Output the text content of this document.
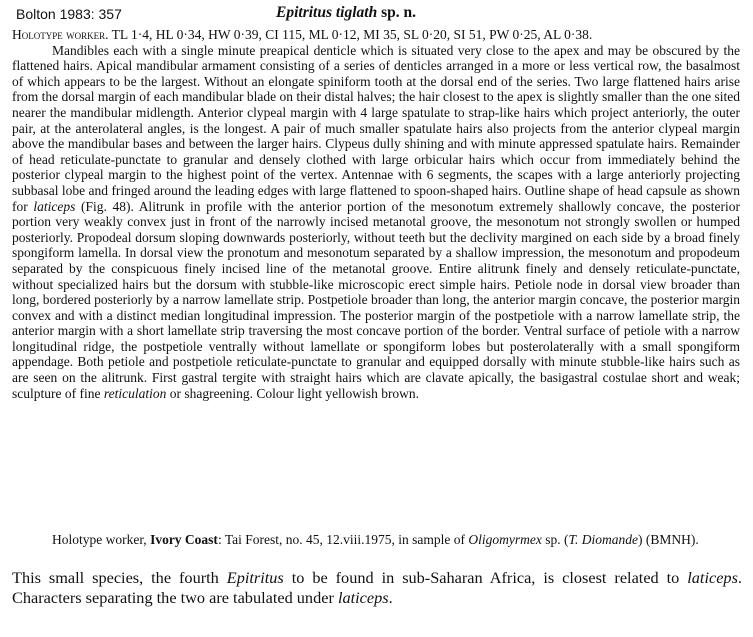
Bolton 1983: 357	Epitritus tiglath sp. n.

Holotype worker. TL 1·4, HL 0·34, HW 0·39, CI 115, ML 0·12, MI 35, SL 0·20, SI 51, PW 0·25, AL 0·38.
Mandibles each with a single minute preapical denticle which is situated very close to the apex and may be obscured by the flattened hairs. Apical mandibular armament consisting of a series of denticles arranged in a more or less vertical row, the basalmost of which appears to be the largest. Without an elongate spiniform tooth at the dorsal end of the series. Two large flattened hairs arise from the dorsal margin of each mandibular blade on their distal halves; the hair closest to the apex is slightly smaller than the one sited nearer the mandibular midlength. Anterior clypeal margin with 4 large spatulate to strap-like hairs which project anteriorly, the outer pair, at the anterolateral angles, is the longest. A pair of much smaller spatulate hairs also projects from the anterior clypeal margin above the mandibular bases and between the larger hairs. Clypeus dully shining and with minute appressed spatulate hairs. Remainder of head reticulate-punctate to granular and densely clothed with large orbicular hairs which occur from immediately behind the posterior clypeal margin to the highest point of the vertex. Antennae with 6 segments, the scapes with a large anteriorly projecting subbasal lobe and fringed around the leading edges with large flattened to spoon-shaped hairs. Outline shape of head capsule as shown for laticeps (Fig. 48). Alitrunk in profile with the anterior portion of the mesonotum extremely shallowly concave, the posterior portion very weakly convex just in front of the narrowly incised metanotal groove, the mesonotum not strongly swollen or humped posteriorly. Propodeal dorsum sloping downwards posteriorly, without teeth but the declivity margined on each side by a broad finely spongiform lamella. In dorsal view the pronotum and mesonotum separated by a shallow impression, the mesonotum and propodeum separated by the conspicuous finely incised line of the metanotal groove. Entire alitrunk finely and densely reticulate-punctate, without specialized hairs but the dorsum with stubble-like microscopic erect simple hairs. Petiole node in dorsal view broader than long, bordered posteriorly by a narrow lamellate strip. Postpetiole broader than long, the anterior margin concave, the posterior margin convex and with a distinct median longitudinal impression. The posterior margin of the postpetiole with a narrow lamellate strip, the anterior margin with a short lamellate strip traversing the most concave portion of the border. Ventral surface of petiole with a narrow longitudinal ridge, the postpetiole ventrally without lamellate or spongiform lobes but posterolaterally with a small spongiform appendage. Both petiole and postpetiole reticulate-punctate to granular and equipped dorsally with minute stubble-like hairs such as are seen on the alitrunk. First gastral tergite with straight hairs which are clavate apically, the basigastral costulae short and weak; sculpture of fine reticulation or shagreening. Colour light yellowish brown.

Holotype worker, Ivory Coast: Tai Forest, no. 45, 12.viii.1975, in sample of Oligomyrmex sp. (T. Diomande) (BMNH).

This small species, the fourth Epitritus to be found in sub-Saharan Africa, is closest related to laticeps. Characters separating the two are tabulated under laticeps.
